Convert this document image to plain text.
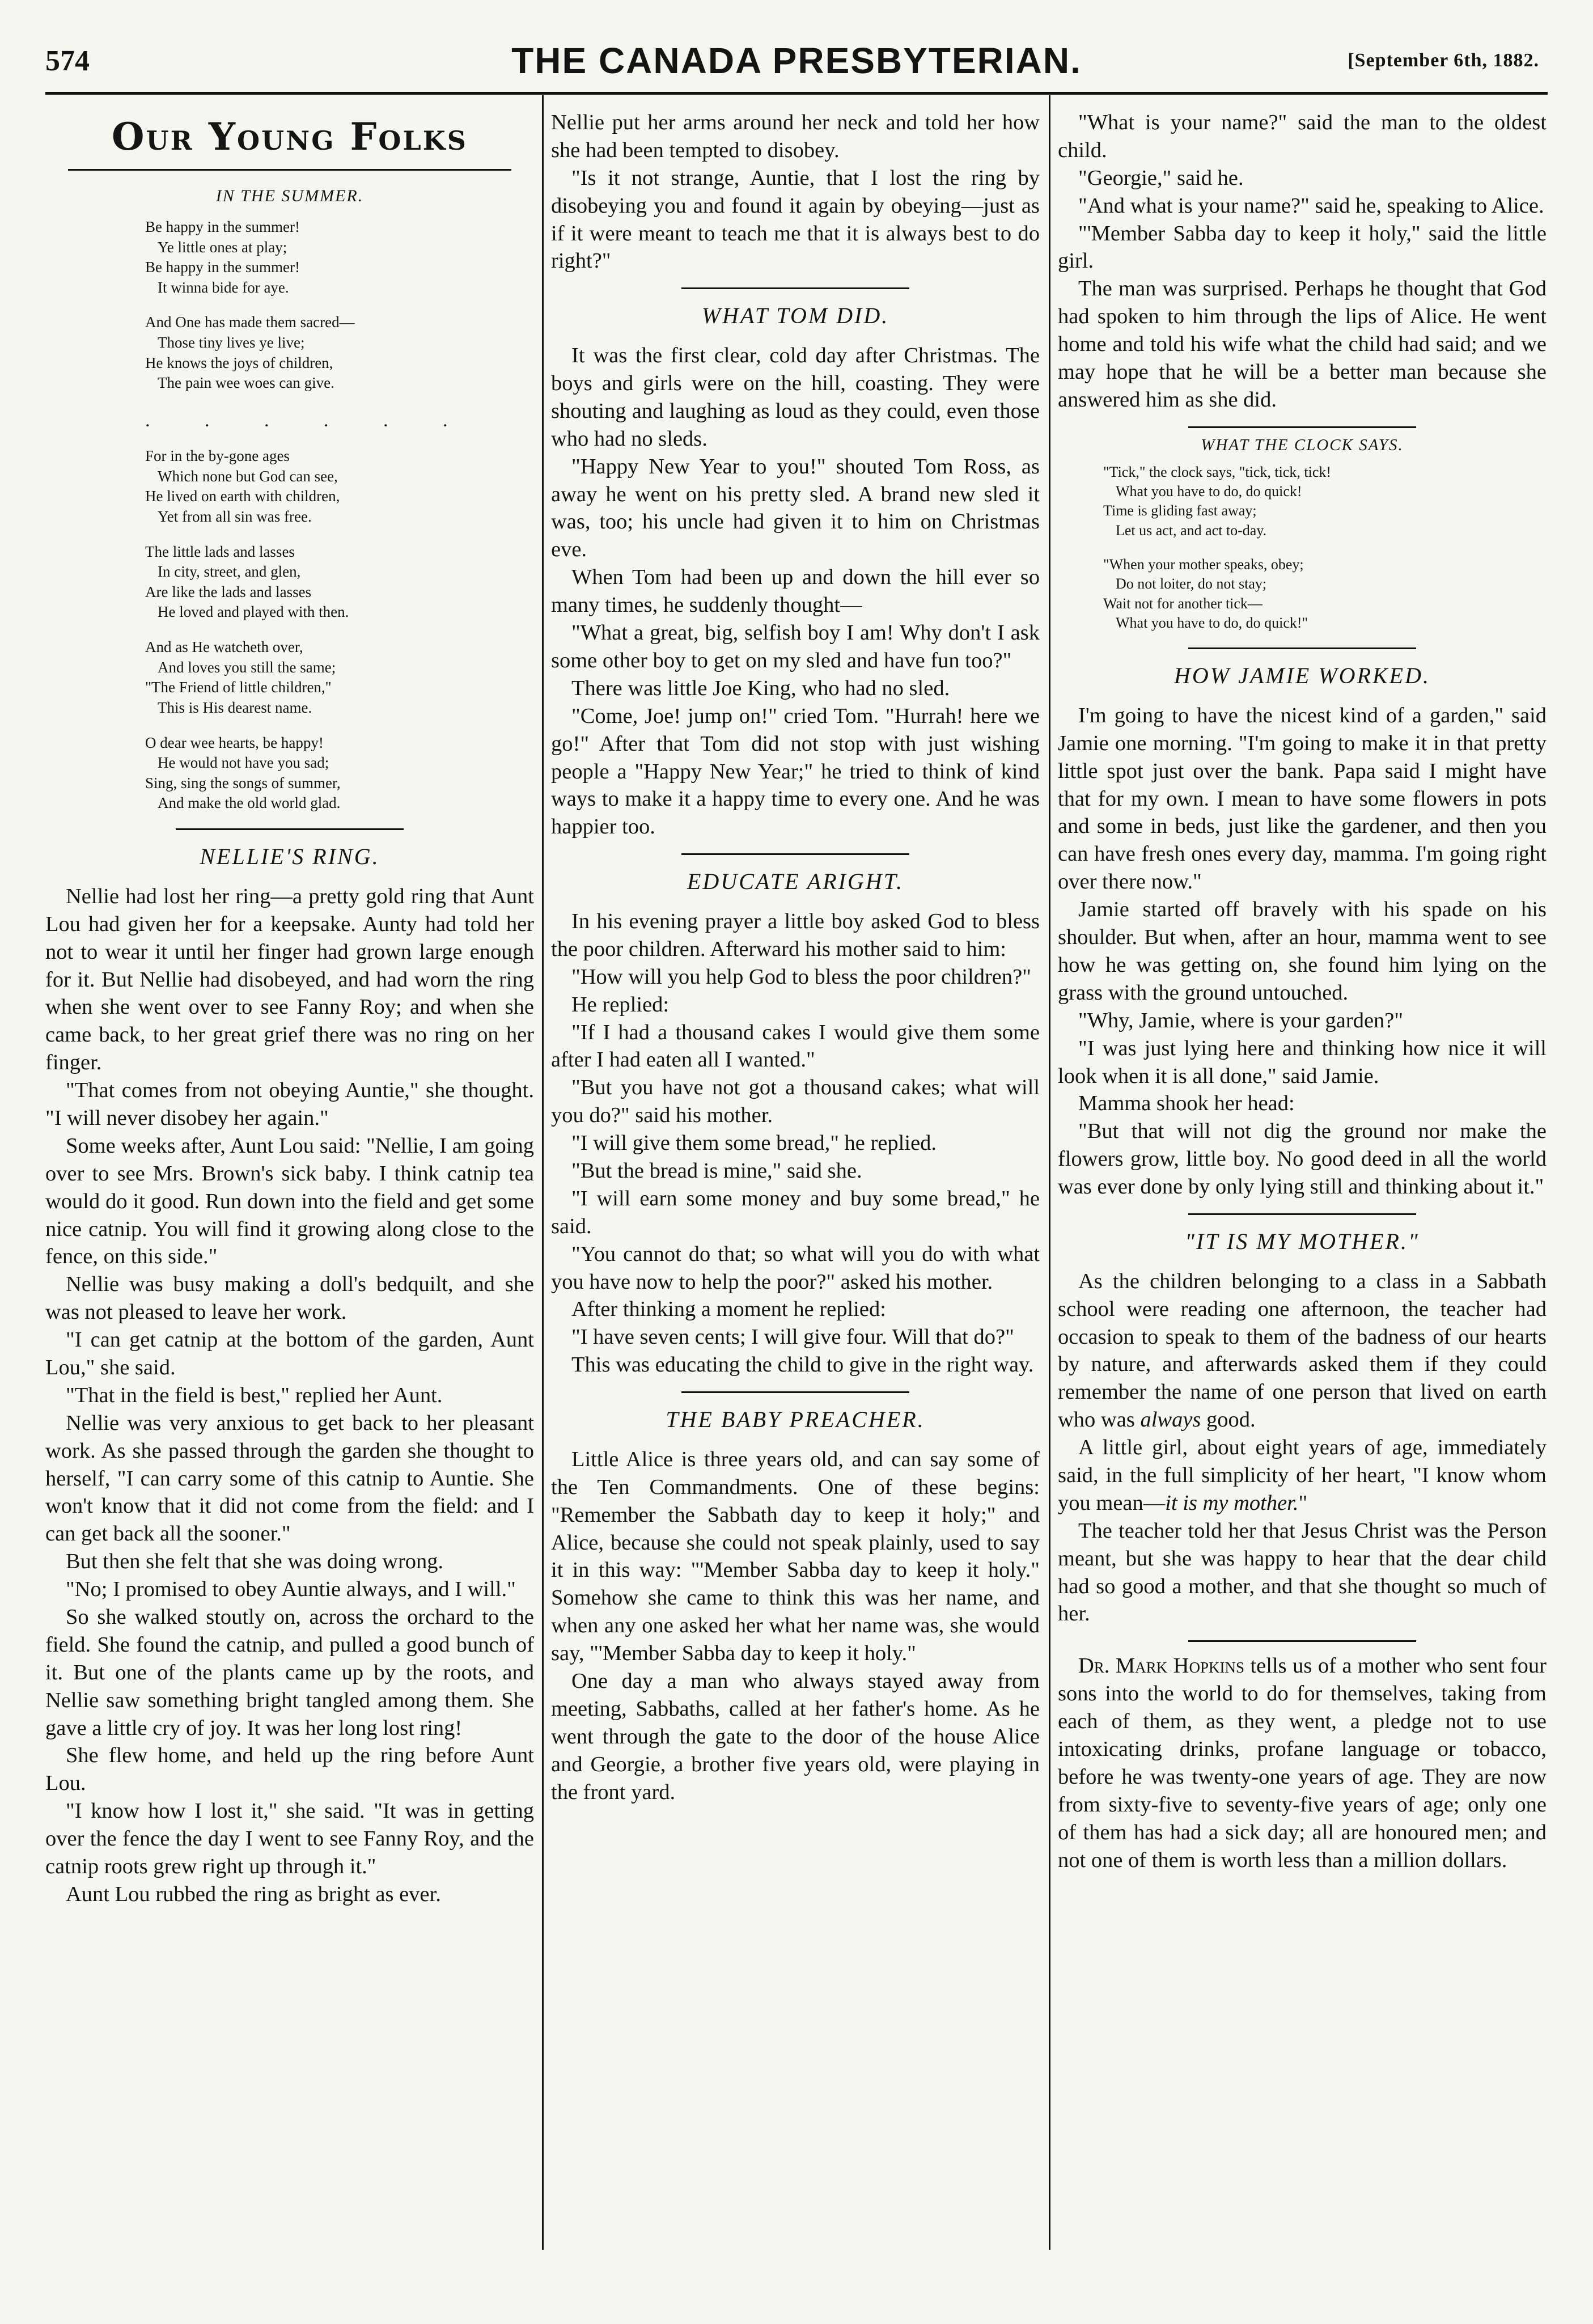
574	THE CANADA PRESBYTERIAN.	[September 6th, 1882.
Our Young Folks
IN THE SUMMER.
Be happy in the summer!
Ye little ones at play;
Be happy in the summer!
It winna bide for aye.
And One has made them sacred—
Those tiny lives ye live;
He knows the joys of children,
The pain wee woes can give.
. . . . . .
For in the by-gone ages
Which none but God can see,
He lived on earth with children,
Yet from all sin was free.
The little lads and lasses
In city, street, and glen,
Are like the lads and lasses
He loved and played with then.
And as He watcheth over,
And loves you still the same;
"The Friend of little children,"
This is His dearest name.
O dear wee hearts, be happy!
He would not have you sad;
Sing, sing the songs of summer,
And make the old world glad.
NELLIE'S RING.

Nellie had lost her ring—a pretty gold ring that Aunt Lou had given her for a keepsake. Aunty had told her not to wear it until her finger had grown large enough for it. But Nellie had disobeyed, and had worn the ring when she went over to see Fanny Roy; and when she came back, to her great grief there was no ring on her finger.

"That comes from not obeying Auntie," she thought. "I will never disobey her again."

Some weeks after, Aunt Lou said: "Nellie, I am going over to see Mrs. Brown's sick baby. I think catnip tea would do it good. Run down into the field and get some nice catnip. You will find it growing along close to the fence, on this side."

Nellie was busy making a doll's bedquilt, and she was not pleased to leave her work.

"I can get catnip at the bottom of the garden, Aunt Lou," she said.

"That in the field is best," replied her Aunt.

Nellie was very anxious to get back to her pleasant work. As she passed through the garden she thought to herself, "I can carry some of this catnip to Auntie. She won't know that it did not come from the field: and I can get back all the sooner."

But then she felt that she was doing wrong.

"No; I promised to obey Auntie always, and I will."

So she walked stoutly on, across the orchard to the field. She found the catnip, and pulled a good bunch of it. But one of the plants came up by the roots, and Nellie saw something bright tangled among them. She gave a little cry of joy. It was her long lost ring!

She flew home, and held up the ring before Aunt Lou.

"I know how I lost it," she said. "It was in getting over the fence the day I went to see Fanny Roy, and the catnip roots grew right up through it."

Aunt Lou rubbed the ring as bright as ever.

Nellie put her arms around her neck and told her how she had been tempted to disobey.

"Is it not strange, Auntie, that I lost the ring by disobeying you and found it again by obeying—just as if it were meant to teach me that it is always best to do right?"

WHAT TOM DID.

It was the first clear, cold day after Christmas. The boys and girls were on the hill, coasting. They were shouting and laughing as loud as they could, even those who had no sleds.

"Happy New Year to you!" shouted Tom Ross, as away he went on his pretty sled. A brand new sled it was, too; his uncle had given it to him on Christmas eve.

When Tom had been up and down the hill ever so many times, he suddenly thought—

"What a great, big, selfish boy I am! Why don't I ask some other boy to get on my sled and have fun too?"

There was little Joe King, who had no sled.

"Come, Joe! jump on!" cried Tom. "Hurrah! here we go!" After that Tom did not stop with just wishing people a "Happy New Year;" he tried to think of kind ways to make it a happy time to every one. And he was happier too.

EDUCATE ARIGHT.

In his evening prayer a little boy asked God to bless the poor children. Afterward his mother said to him:

"How will you help God to bless the poor children?"

He replied:

"If I had a thousand cakes I would give them some after I had eaten all I wanted."

"But you have not got a thousand cakes; what will you do?" said his mother.

"I will give them some bread," he replied.

"But the bread is mine," said she.

"I will earn some money and buy some bread," he said.

"You cannot do that; so what will you do with what you have now to help the poor?" asked his mother.

After thinking a moment he replied:

"I have seven cents; I will give four. Will that do?"

This was educating the child to give in the right way.

THE BABY PREACHER.

Little Alice is three years old, and can say some of the Ten Commandments. One of these begins: "Remember the Sabbath day to keep it holy;" and Alice, because she could not speak plainly, used to say it in this way: "'Member Sabba day to keep it holy." Somehow she came to think this was her name, and when any one asked her what her name was, she would say, "'Member Sabba day to keep it holy."

One day a man who always stayed away from meeting, Sabbaths, called at her father's home. As he went through the gate to the door of the house Alice and Georgie, a brother five years old, were playing in the front yard.

"What is your name?" said the man to the oldest child.

"Georgie," said he.

"And what is your name?" said he, speaking to Alice.

"'Member Sabba day to keep it holy," said the little girl.

The man was surprised. Perhaps he thought that God had spoken to him through the lips of Alice. He went home and told his wife what the child had said; and we may hope that he will be a better man because she answered him as she did.

WHAT THE CLOCK SAYS.
"Tick," the clock says, "tick, tick, tick!
What you have to do, do quick!
Time is gliding fast away;
Let us act, and act to-day.
"When your mother speaks, obey;
Do not loiter, do not stay;
Wait not for another tick—
What you have to do, do quick!"
HOW JAMIE WORKED.

I'm going to have the nicest kind of a garden," said Jamie one morning. "I'm going to make it in that pretty little spot just over the bank. Papa said I might have that for my own. I mean to have some flowers in pots and some in beds, just like the gardener, and then you can have fresh ones every day, mamma. I'm going right over there now."

Jamie started off bravely with his spade on his shoulder. But when, after an hour, mamma went to see how he was getting on, she found him lying on the grass with the ground untouched.

"Why, Jamie, where is your garden?"

"I was just lying here and thinking how nice it will look when it is all done," said Jamie.

Mamma shook her head:

"But that will not dig the ground nor make the flowers grow, little boy. No good deed in all the world was ever done by only lying still and thinking about it."

"IT IS MY MOTHER."

As the children belonging to a class in a Sabbath school were reading one afternoon, the teacher had occasion to speak to them of the badness of our hearts by nature, and afterwards asked them if they could remember the name of one person that lived on earth who was always good.

A little girl, about eight years of age, immediately said, in the full simplicity of her heart, "I know whom you mean—it is my mother."

The teacher told her that Jesus Christ was the Person meant, but she was happy to hear that the dear child had so good a mother, and that she thought so much of her.

Dr. Mark Hopkins tells us of a mother who sent four sons into the world to do for themselves, taking from each of them, as they went, a pledge not to use intoxicating drinks, profane language or tobacco, before he was twenty-one years of age. They are now from sixty-five to seventy-five years of age; only one of them has had a sick day; all are honoured men; and not one of them is worth less than a million dollars.
